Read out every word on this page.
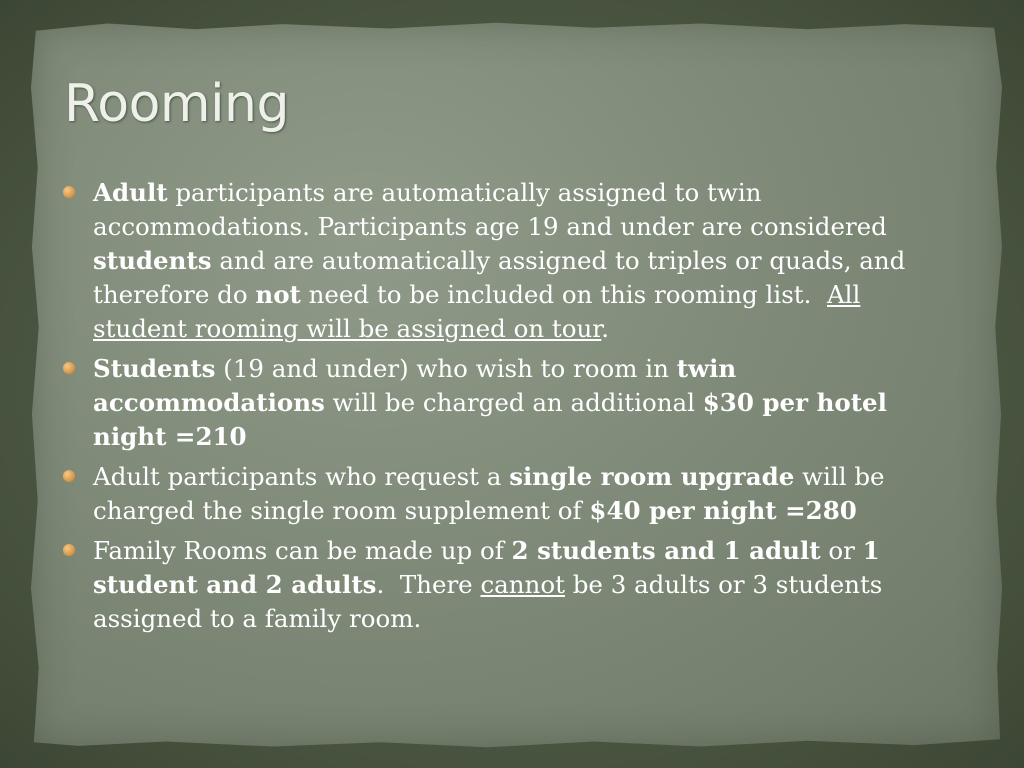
Rooming
Adult participants are automatically assigned to twin accommodations. Participants age 19 and under are considered students and are automatically assigned to triples or quads, and therefore do not need to be included on this rooming list.  All student rooming will be assigned on tour.
Students (19 and under) who wish to room in twin accommodations will be charged an additional $30 per hotel night =210
Adult participants who request a single room upgrade will be charged the single room supplement of $40 per night =280
Family Rooms can be made up of 2 students and 1 adult or 1 student and 2 adults.  There cannot be 3 adults or 3 students assigned to a family room.
